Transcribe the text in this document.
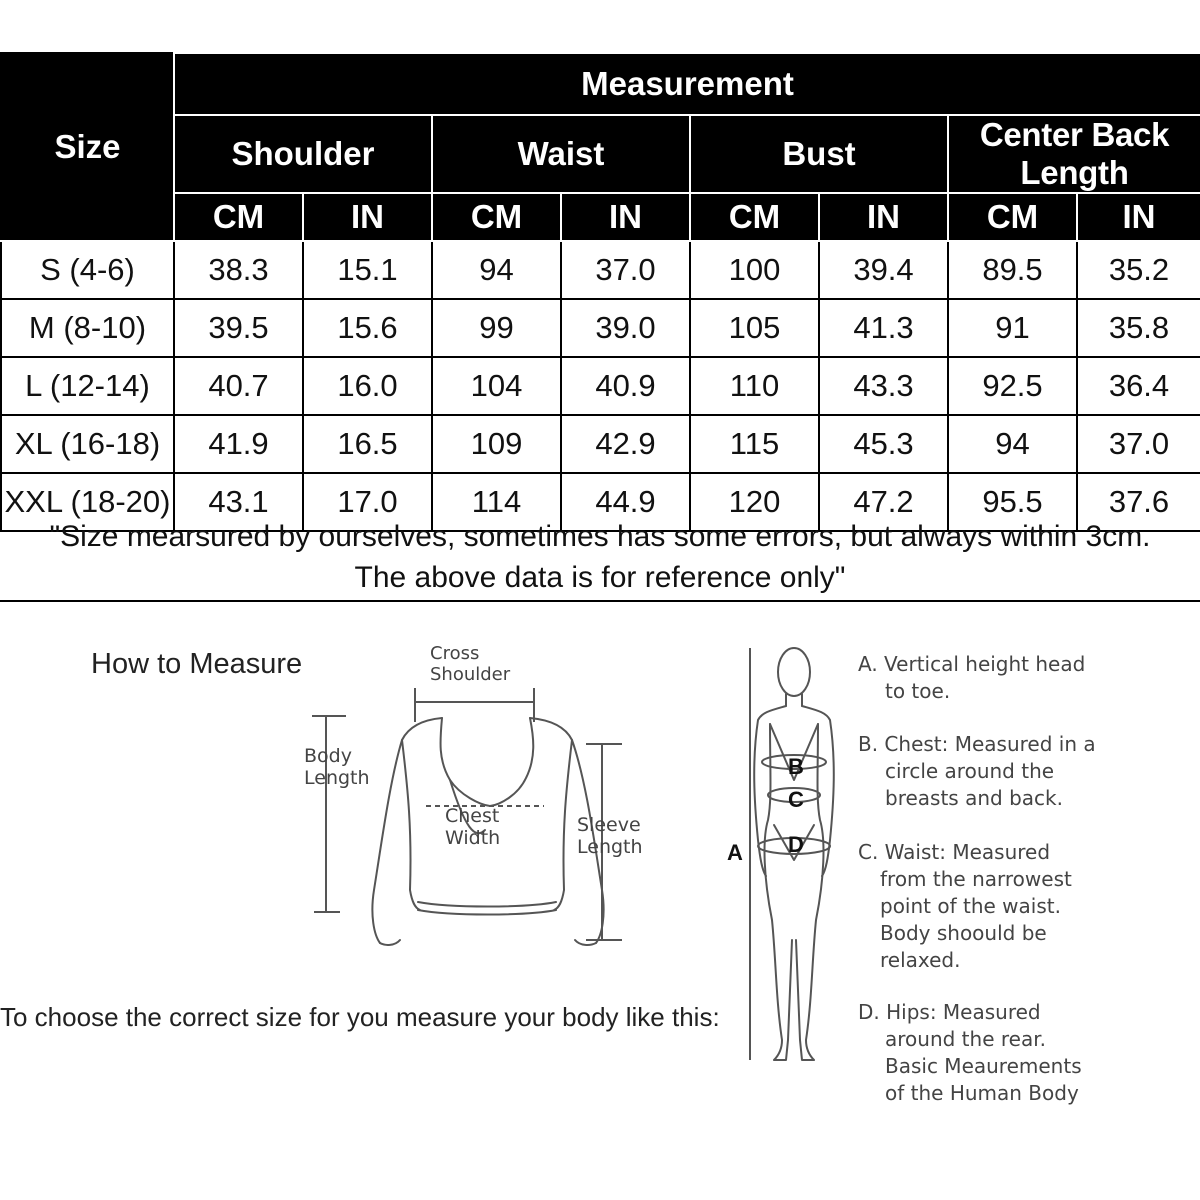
Size	Measurement							
	Shoulder		Waist		Bust		Center Back Length	
	CM	IN	CM	IN	CM	IN	CM	IN
S (4-6)	38.3	15.1	94	37.0	100	39.4	89.5	35.2
M (8-10)	39.5	15.6	99	39.0	105	41.3	91	35.8
L (12-14)	40.7	16.0	104	40.9	110	43.3	92.5	36.4
XL (16-18)	41.9	16.5	109	42.9	115	45.3	94	37.0
XXL (18-20)	43.1	17.0	114	44.9	120	47.2	95.5	37.6
"Size mearsured by ourselves, sometimes has some errors, but always within 3cm.
The above data is for reference only"
How to Measure	Cross
Shoulder
Body
Length
Chest
Width
Sleeve
Length
To choose the correct size for you measure your body like this:
A
B
C
D
A. Vertical height head
to toe.
B. Chest: Measured in a
circle around the
breasts and back.
C. Waist: Measured
from the narrowest
point of the waist.
Body shoould be
relaxed.
D. Hips: Measured
around the rear.
Basic Meaurements
of the Human Body
